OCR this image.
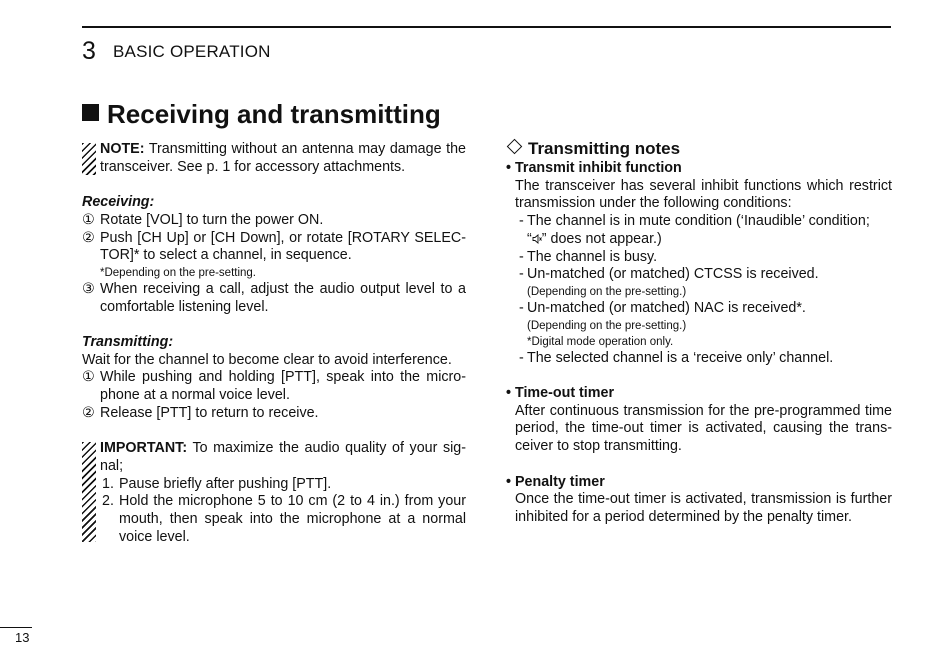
3 BASIC OPERATION
Receiving and transmitting
NOTE: Transmitting without an antenna may damage the transceiver. See p. 1 for accessory attachments.
Receiving:
① Rotate [VOL] to turn the power ON.
② Push [CH Up] or [CH Down], or rotate [ROTARY SELEC-TOR]* to select a channel, in sequence.
*Depending on the pre-setting.
③ When receiving a call, adjust the audio output level to a comfortable listening level.
Transmitting:
Wait for the channel to become clear to avoid interference.
① While pushing and holding [PTT], speak into the micro-phone at a normal voice level.
② Release [PTT] to return to receive.
IMPORTANT: To maximize the audio quality of your sig-nal;
1. Pause briefly after pushing [PTT].
2. Hold the microphone 5 to 10 cm (2 to 4 in.) from your mouth, then speak into the microphone at a normal voice level.
Transmitting notes
• Transmit inhibit function
The transceiver has several inhibit functions which restrict transmission under the following conditions:
- The channel is in mute condition (‘Inaudible’ condition;
“ ” does not appear.)
- The channel is busy.
- Un-matched (or matched) CTCSS is received.
(Depending on the pre-setting.)
- Un-matched (or matched) NAC is received*.
(Depending on the pre-setting.)
*Digital mode operation only.
- The selected channel is a ‘receive only’ channel.
• Time-out timer
After continuous transmission for the pre-programmed time period, the time-out timer is activated, causing the trans-ceiver to stop transmitting.
• Penalty timer
Once the time-out timer is activated, transmission is further inhibited for a period determined by the penalty timer.
13
